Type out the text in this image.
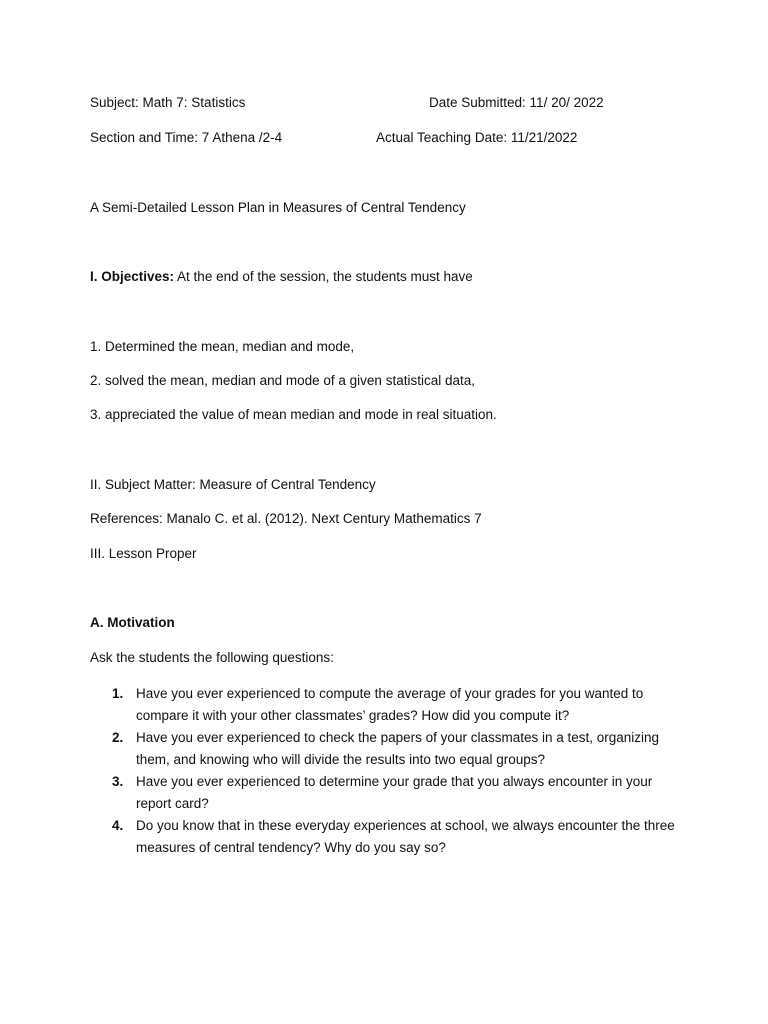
Subject: Math 7: Statistics	Date Submitted: 11/ 20/ 2022
Section and Time: 7 Athena /2-4	Actual Teaching Date: 11/21/2022
A Semi-Detailed Lesson Plan in Measures of Central Tendency
I. Objectives: At the end of the session, the students must have
1. Determined the mean, median and mode,
2. solved the mean, median and mode of a given statistical data,
3. appreciated the value of mean median and mode in real situation.
II. Subject Matter: Measure of Central Tendency
References: Manalo C. et al. (2012). Next Century Mathematics 7
III. Lesson Proper
A. Motivation
Ask the students the following questions:
1. Have you ever experienced to compute the average of your grades for you wanted to compare it with your other classmates’ grades? How did you compute it?
2. Have you ever experienced to check the papers of your classmates in a test, organizing them, and knowing who will divide the results into two equal groups?
3. Have you ever experienced to determine your grade that you always encounter in your report card?
4. Do you know that in these everyday experiences at school, we always encounter the three measures of central tendency? Why do you say so?
